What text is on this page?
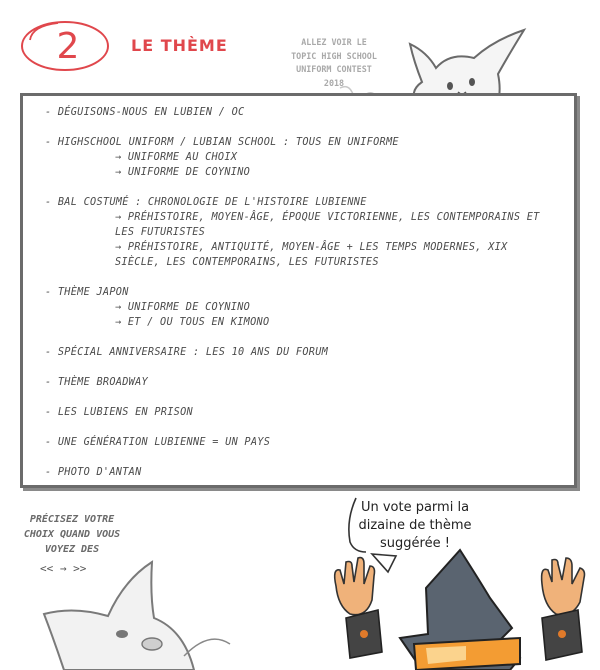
2	LE THÈME	ALLEZ VOIR LE
TOPIC HIGH SCHOOL
UNIFORM CONTEST
2018
- DÉGUISONS-NOUS EN LUBIEN / OC
- HIGHSCHOOL UNIFORM / LUBIAN SCHOOL : TOUS EN UNIFORME
→ UNIFORME AU CHOIX
→ UNIFORME DE COYNINO
- BAL COSTUMÉ : CHRONOLOGIE DE L'HISTOIRE LUBIENNE
→ PRÉHISTOIRE, MOYEN-ÂGE, ÉPOQUE VICTORIENNE, LES CONTEMPORAINS ET LES FUTURISTES
→ PRÉHISTOIRE, ANTIQUITÉ, MOYEN-ÂGE + LES TEMPS MODERNES, XIX SIÈCLE, LES CONTEMPORAINS, LES FUTURISTES
- THÈME JAPON
→ UNIFORME DE COYNINO
→ ET / OU TOUS EN KIMONO
- SPÉCIAL ANNIVERSAIRE : LES 10 ANS DU FORUM
- THÈME BROADWAY
- LES LUBIENS EN PRISON
- UNE GÉNÉRATION LUBIENNE = UN PAYS
- PHOTO D'ANTAN
PRÉCISEZ VOTRE
CHOIX QUAND VOUS
VOYEZ DES
<< → >>
Un vote parmi la
dizaine de thème
suggérée !
